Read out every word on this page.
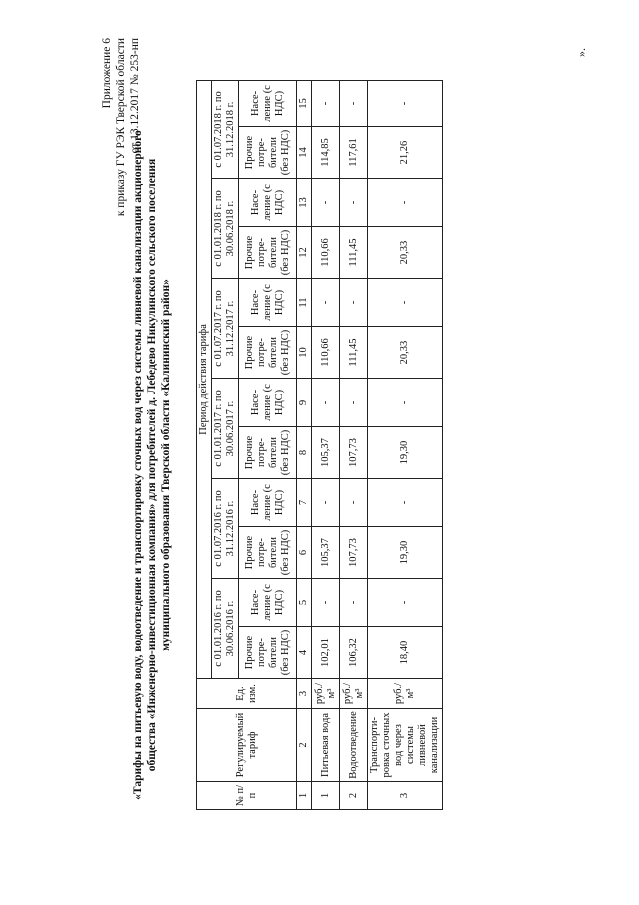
Приложение 6 к приказу ГУ РЭК Тверской области от 13.12.2017 № 253-нп
«Тарифы на питьевую воду, водоотведение и транспортировку сточных вод через системы ливневой канализации акционерного общества «Инженерно-инвестиционная компания» для потребителей д. Лебедево Никулинского сельского поселения муниципального образования Тверской области «Калининский район»
№ п/п	Регулируемый тариф	Ед. изм.	Период действия тарифа											
			с 01.01.2016 г. по 30.06.2016 г.		с 01.07.2016 г. по 31.12.2016 г.		с 01.01.2017 г. по 30.06.2017 г.		с 01.07.2017 г. по 31.12.2017 г.		с 01.01.2018 г. по 30.06.2018 г.		с 01.07.2018 г. по 31.12.2018 г.	
			Прочие потре-бители (без НДС)	Насе-ление (с НДС)	Прочие потре-бители (без НДС)	Насе-ление (с НДС)	Прочие потре-бители (без НДС)	Насе-ление (с НДС)	Прочие потре-бители (без НДС)	Насе-ление (с НДС)	Прочие потре-бители (без НДС)	Насе-ление (с НДС)	Прочие потре-бители (без НДС)	Насе-ление (с НДС)
1	2	3	4	5	6	7	8	9	10	11	12	13	14	15
1	Питьевая вода	руб./м³	102,01	-	105,37	-	105,37	-	110,66	-	110,66	-	114,85	-
2	Водоотведение	руб./м³	106,32	-	107,73	-	107,73	-	111,45	-	111,45	-	117,61	-
3	Транспорти-ровка сточных вод через системы ливневой канализации	руб./м³	18,40	-	19,30	-	19,30	-	20,33	-	20,33	-	21,26	-
».
